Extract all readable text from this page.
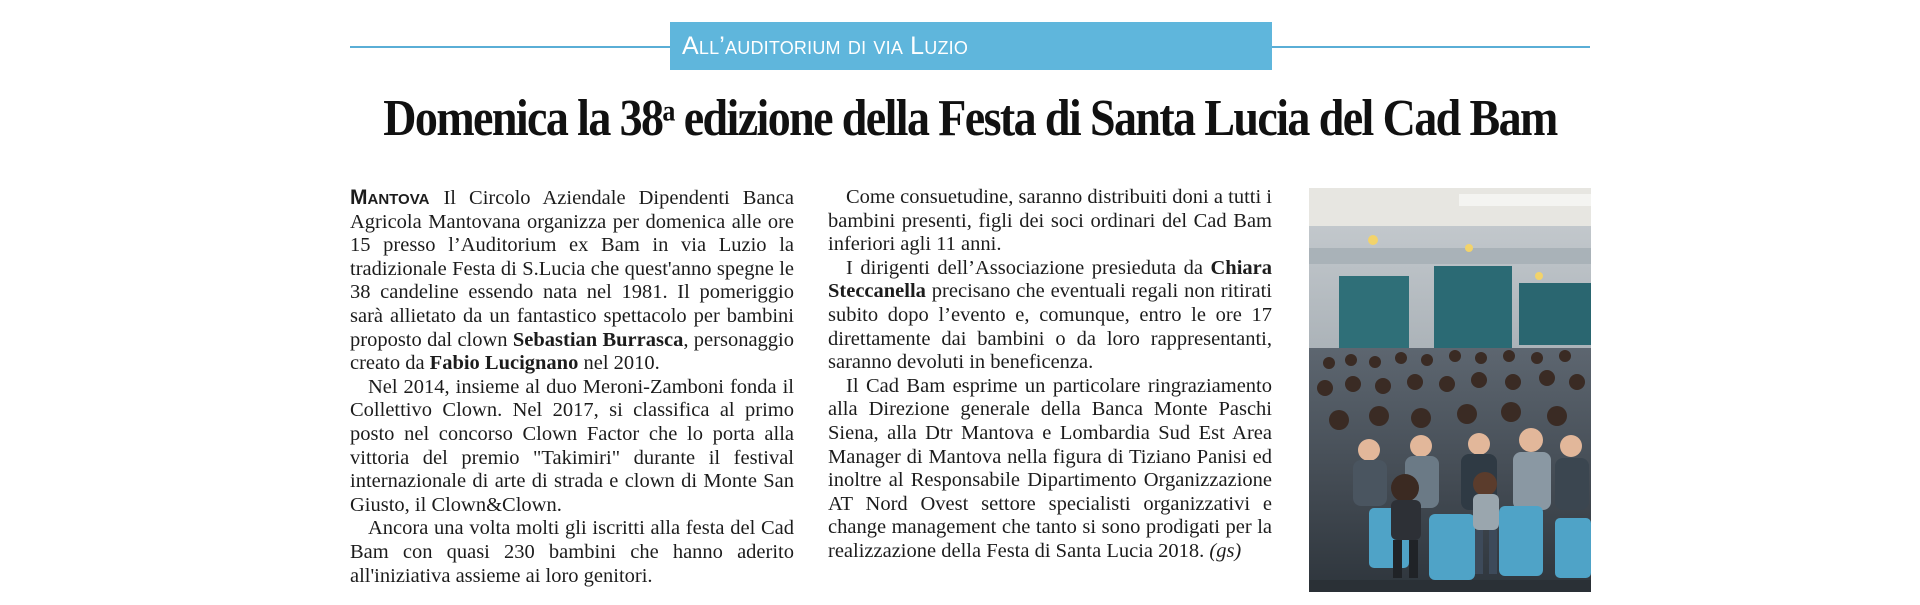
All’auditorium di via Luzio
Domenica la 38$^a$ edizione della Festa di Santa Lucia del Cad Bam

Mantova Il Circolo Aziendale Dipendenti Banca Agricola Mantovana organizza per domenica alle ore 15 presso l’Auditorium ex Bam in via Luzio la tradizionale Festa di S.Lucia che quest'anno spegne le 38 candeline essendo nata nel 1981. Il pomeriggio sarà allietato da un fantastico spettacolo per bambini proposto dal clown Sebastian Burrasca, personaggio creato da Fabio Lucignano nel 2010.

Nel 2014, insieme al duo Meroni-Zamboni fonda il Collettivo Clown. Nel 2017, si classifica al primo posto nel concorso Clown Factor che lo porta alla vittoria del premio "Takimiri" durante il festival internazionale di arte di strada e clown di Monte San Giusto, il Clown&Clown.

Ancora una volta molti gli iscritti alla festa del Cad Bam con quasi 230 bambini che hanno aderito all'iniziativa assieme ai loro genitori.

Come consuetudine, saranno distribuiti doni a tutti i bambini presenti, figli dei soci ordinari del Cad Bam inferiori agli 11 anni.

I dirigenti dell’Associazione presieduta da Chiara Steccanella precisano che eventuali regali non ritirati subito dopo l’evento e, comunque, entro le ore 17 direttamente dai bambini o da loro rappresentanti, saranno devoluti in beneficenza.

Il Cad Bam esprime un particolare ringraziamento alla Direzione generale della Banca Monte Paschi Siena, alla Dtr Mantova e Lombardia Sud Est Area Manager di Mantova nella figura di Tiziano Panisi ed inoltre al Responsabile Dipartimento Organizzazione AT Nord Ovest settore specialisti organizzativi e change management che tanto si sono prodigati per la realizzazione della Festa di Santa Lucia 2018. (gs)
